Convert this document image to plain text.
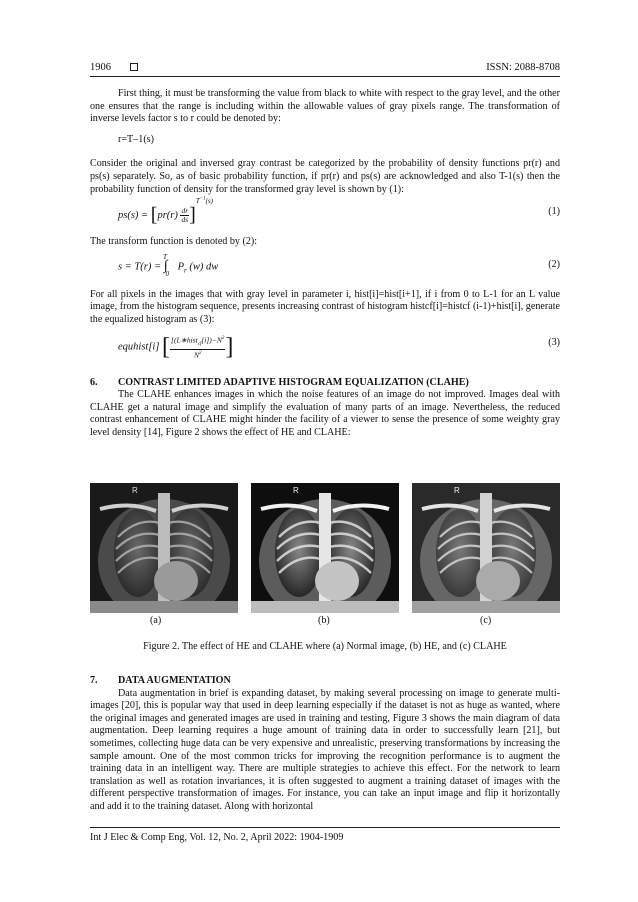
1906	ISSN: 2088-8708

First thing, it must be transforming the value from black to white with respect to the gray level, and the other one ensures that the range is including within the allowable values of gray pixels range. The transformation of inverse levels factor s to r could be denoted by:

r=T–1(s)

Consider the original and inversed gray contrast be categorized by the probability of density functions pr(r) and ps(s) separately. So, as of basic probability function, if pr(r) and ps(s) are acknowledged and also T-1(s) then the probability function of density for the transformed gray level is shown by (1):

$ps(s) = [pr(r) \frac{dr}{ds} ]^{T^{-1}(s)}$
(1)

The transform function is denoted by (2):

$s = T(r) = \int_0^T$ $P_r$ (w) dw	(2)

For all pixels in the images that with gray level in parameter i, hist[i]=hist[i+1], if i from 0 to L-1 for an L value image, from the histogram sequence, presents increasing contrast of histogram histcf[i]=histcf (i-1)+hist[i], generate the equalized histogram as (3):

equhist[i] [ $\frac{[(L∗hist_{cf}[i])-N^2}{N^2}$ ]	(3)

6. CONTRAST LIMITED ADAPTIVE HISTOGRAM EQUALIZATION (CLAHE)

The CLAHE enhances images in which the noise features of an image do not improved. Images deal with CLAHE get a natural image and simplify the evaluation of many parts of an image. Nevertheless, the reduced contrast enhancement of CLAHE might hinder the facility of a viewer to sense the presence of some weighty gray level density [14], Figure 2 shows the effect of HE and CLAHE:

R	R	R
(a)	(b)	(c)
Figure 2. The effect of HE and CLAHE where (a) Normal image, (b) HE, and (c) CLAHE

7. DATA AUGMENTATION

Data augmentation in brief is expanding dataset, by making several processing on image to generate multi-images [20], this is popular way that used in deep learning especially if the dataset is not as huge as wanted, where the original images and generated images are used in training and testing, Figure 3 shows the main diagram of data augmentation. Deep learning requires a huge amount of training data in order to successfully learn [21], but sometimes, collecting huge data can be very expensive and unrealistic, preserving transformations by increasing the sample amount. One of the most common tricks for improving the recognition performance is to augment the training data in an intelligent way. There are multiple strategies to achieve this effect. For the network to learn translation as well as rotation invariances, it is often suggested to augment a training dataset of images with the different perspective transformation of images. For instance, you can take an input image and flip it horizontally and add it to the training dataset. Along with horizontal

Int J Elec & Comp Eng, Vol. 12, No. 2, April 2022: 1904-1909
